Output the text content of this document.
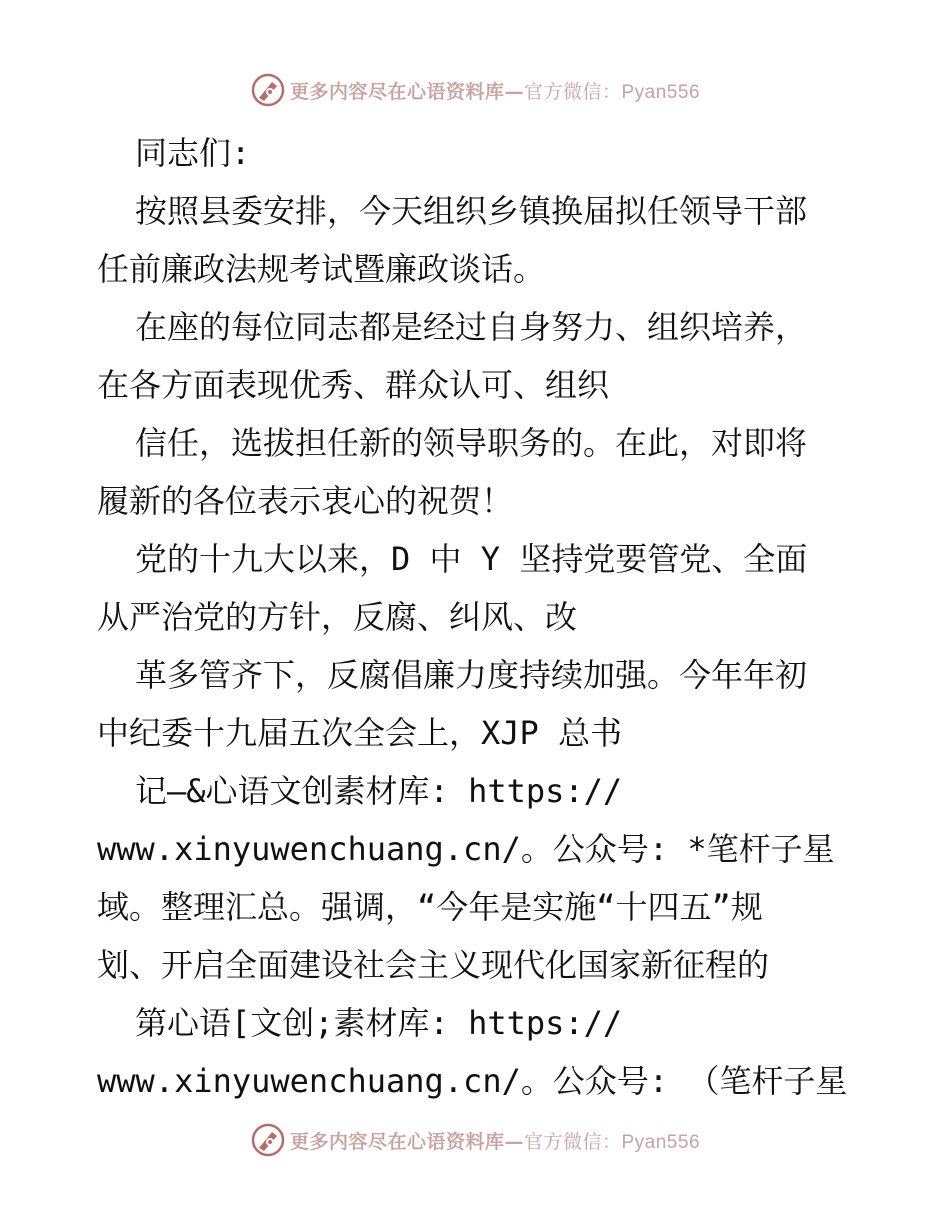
更多内容尽在心语资料库—官方微信：Pyan556
同志们:
按照县委安排，今天组织乡镇换届拟任领导干部
任前廉政法规考试暨廉政谈话。
在座的每位同志都是经过自身努力、组织培养，
在各方面表现优秀、群众认可、组织
信任，选拔担任新的领导职务的。在此，对即将
履新的各位表示衷心的祝贺！
党的十九大以来，D 中 Y 坚持党要管党、全面
从严治党的方针，反腐、纠风、改
革多管齐下，反腐倡廉力度持续加强。今年年初
中纪委十九届五次全会上，XJP 总书
记—&心语文创素材库: https://
www.xinyuwenchuang.cn/。公众号: *笔杆子星
域。整理汇总。强调，“今年是实施“十四五”规
划、开启全面建设社会主义现代化国家新征程的
第心语[文创;素材库: https://
www.xinyuwenchuang.cn/。公众号: （笔杆子星
更多内容尽在心语资料库—官方微信：Pyan556
